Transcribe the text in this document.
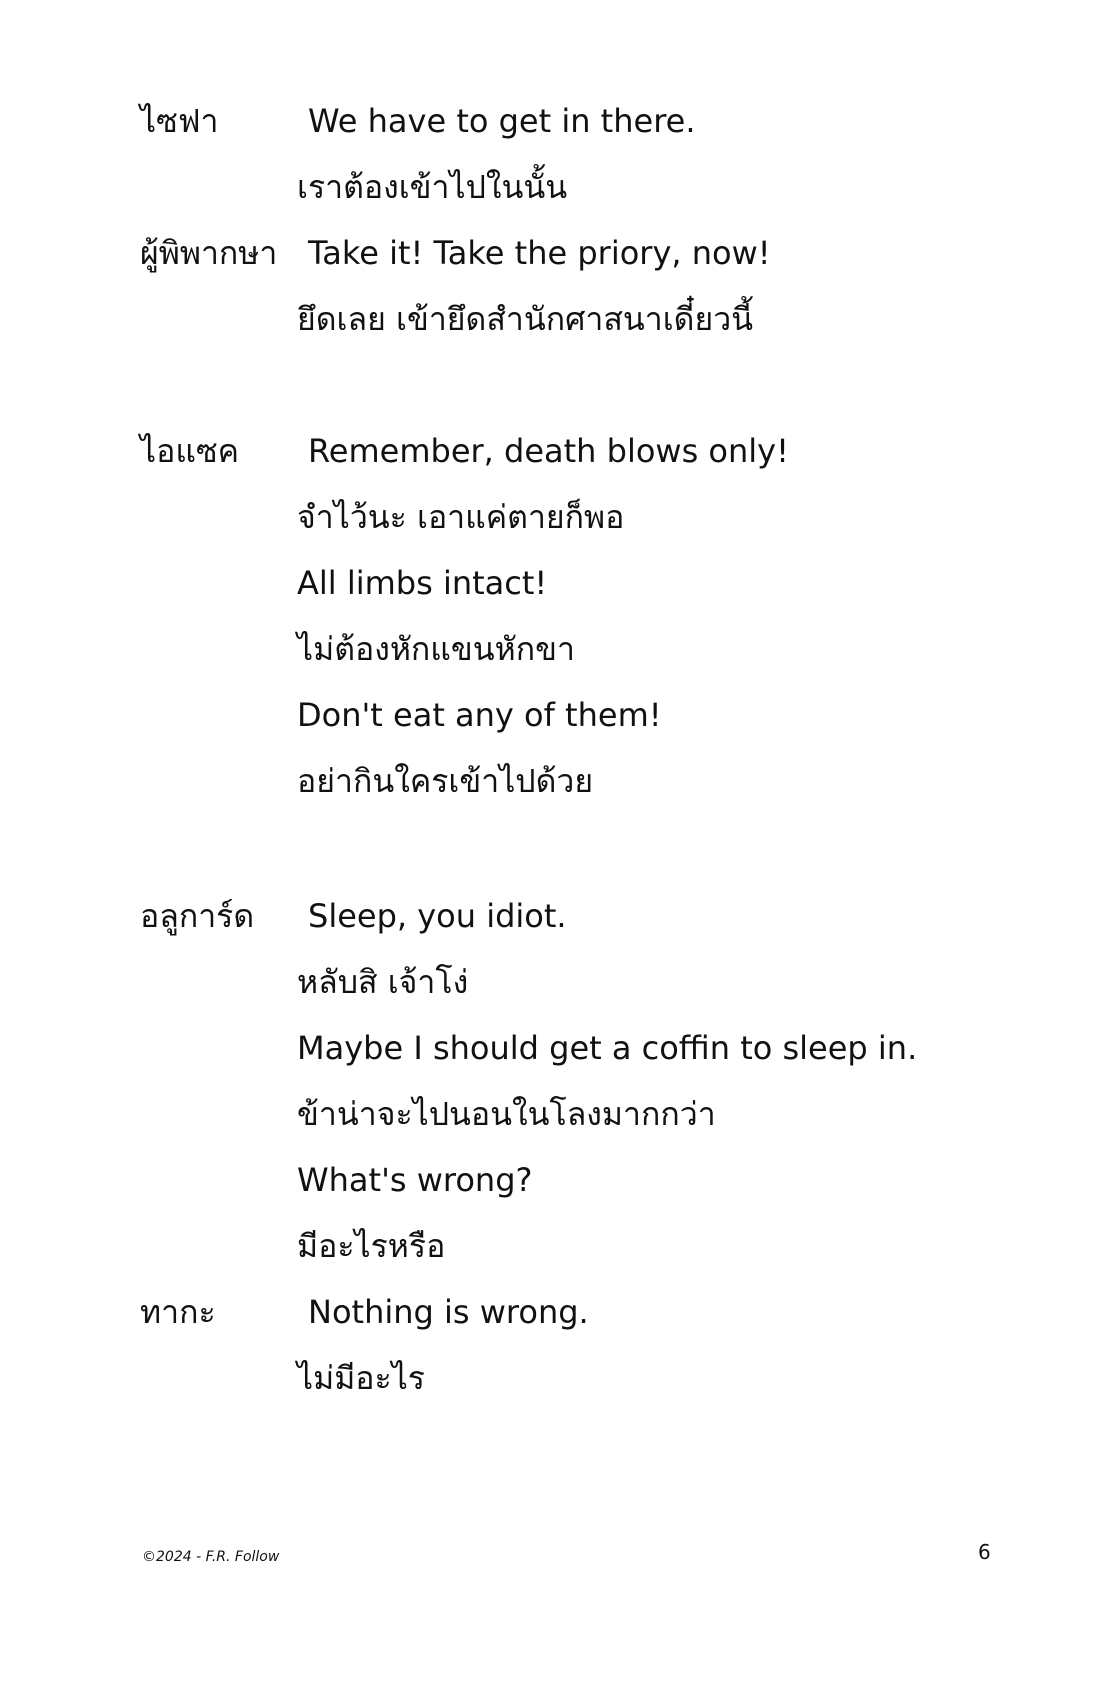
ไซฟา	We have to get in there.
เราต้องเข้าไปในนั้น
ผู้พิพากษา Take it! Take the priory, now!
ยึดเลย เข้ายึดสำนักศาสนาเดี๋ยวนี้
ไอแซค Remember, death blows only!
จำไว้นะ เอาแค่ตายก็พอ
All limbs intact!
ไม่ต้องหักแขนหักขา
Don't eat any of them!
อย่ากินใครเข้าไปด้วย
อลูการ์ด Sleep, you idiot.
หลับสิ เจ้าโง่
Maybe I should get a coffin to sleep in.
ข้าน่าจะไปนอนในโลงมากกว่า
What's wrong?
มีอะไรหรือ
ทากะ	Nothing is wrong.
ไม่มีอะไร
©2024 - F.R. Follow	6
